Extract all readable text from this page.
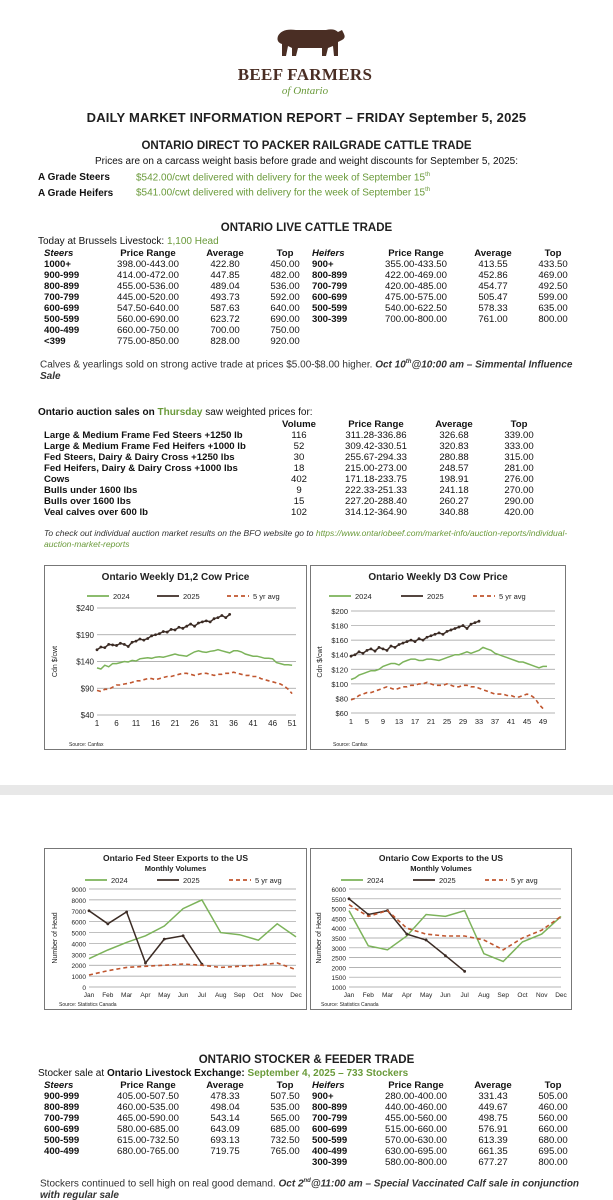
BEEF FARMERS
of Ontario
DAILY MARKET INFORMATION REPORT – FRIDAY September 5, 2025
ONTARIO DIRECT TO PACKER RAILGRADE CATTLE TRADE
Prices are on a carcass weight basis before grade and weight discounts for September 5, 2025:
A Grade Steers	$542.00/cwt delivered with delivery for the week of September 15th
A Grade Heifers $541.00/cwt delivered with delivery for the week of September 15th
ONTARIO LIVE CATTLE TRADE
Today at Brussels Livestock: 1,100 Head
Steers	Price Range	Average	Top
1000+	398.00-443.00	422.80	450.00
900-999	414.00-472.00	447.85	482.00
800-899	455.00-536.00	489.04	536.00
700-799	445.00-520.00	493.73	592.00
600-699	547.50-640.00	587.63	640.00
500-599	560.00-690.00	623.72	690.00
400-499	660.00-750.00	700.00	750.00
<399	775.00-850.00	828.00	920.00
Heifers	Price Range	Average	Top
900+	355.00-433.50	413.55	433.50
800-899	422.00-469.00	452.86	469.00
700-799	420.00-485.00	454.77	492.50
600-699	475.00-575.00	505.47	599.00
500-599	540.00-622.50	578.33	635.00
300-399	700.00-800.00	761.00	800.00
Calves & yearlings sold on strong active trade at prices $5.00-$8.00 higher. Oct 10th@10:00 am – Simmental Influence Sale
Ontario auction sales on Thursday saw weighted prices for:
	Volume	Price Range	Average	Top
Large & Medium Frame Fed Steers +1250 lb	116	311.28-336.86	326.68	339.00
Large & Medium Frame Fed Heifers +1000 lb	52	309.42-330.51	320.83	333.00
Fed Steers, Dairy & Dairy Cross +1250 lbs	30	255.67-294.33	280.88	315.00
Fed Heifers, Dairy & Dairy Cross +1000 lbs	18	215.00-273.00	248.57	281.00
Cows	402	171.18-233.75	198.91	276.00
Bulls under 1600 lbs	9	222.33-251.33	241.18	270.00
Bulls over 1600 lbs	15	227.20-288.40	260.27	290.00
Veal calves over 600 lb	102	314.12-364.90	340.88	420.00
To check out individual auction market results on the BFO website go to https://www.ontariobeef.com/market-info/auction-reports/individual-auction-market-reports
Ontario Weekly D1,2 Cow Price
2024	2025	5 yr avg
$240
$190
$140
$90
$40
Cdn $/cwt
1 6 11 16 21 26 31 36 41 46 51
Source: Canfax
Ontario Weekly D3 Cow Price
2024	2025	5 yr avg
$200
$180
$160
$140
$120
$100
$80
$60
Cdn $/cwt
1 5 9 13 17 21 25 29 33 37 41 45 49
Source: Canfax
Ontario Fed Steer Exports to the US
Monthly Volumes
2024	2025	5 yr avg
9000
8000
7000
6000
5000
4000
3000
2000
1000
0
Number of Head
Jan Feb Mar Apr May Jun Jul Aug Sep Oct Nov Dec
Source: Statistics Canada
Ontario Cow Exports to the US
Monthly Volumes
2024	2025	5 yr avg
6000
5500
5000
4500
4000
3500
3000
2500
2000
1500
1000
Number of Head
Jan Feb Mar Apr May Jun Jul Aug Sep Oct Nov Dec
Source: Statistics Canada
ONTARIO STOCKER & FEEDER TRADE
Stocker sale at Ontario Livestock Exchange: September 4, 2025 – 733 Stockers
Steers	Price Range	Average	Top
900-999	405.00-507.50	478.33	507.50
800-899	460.00-535.00	498.04	535.00
700-799	465.00-590.00	543.14	565.00
600-699	580.00-685.00	643.09	685.00
500-599	615.00-732.50	693.13	732.50
400-499	680.00-765.00	719.75	765.00
Heifers	Price Range	Average	Top
900+	280.00-400.00	331.43	505.00
800-899	440.00-460.00	449.67	460.00
700-799	455.00-560.00	498.75	560.00
600-699	515.00-660.00	576.91	660.00
500-599	570.00-630.00	613.39	680.00
400-499	630.00-695.00	661.35	695.00
300-399	580.00-800.00	677.27	800.00
Stockers continued to sell high on real good demand. Oct 2nd@11:00 am – Special Vaccinated Calf sale in conjunction with regular sale
